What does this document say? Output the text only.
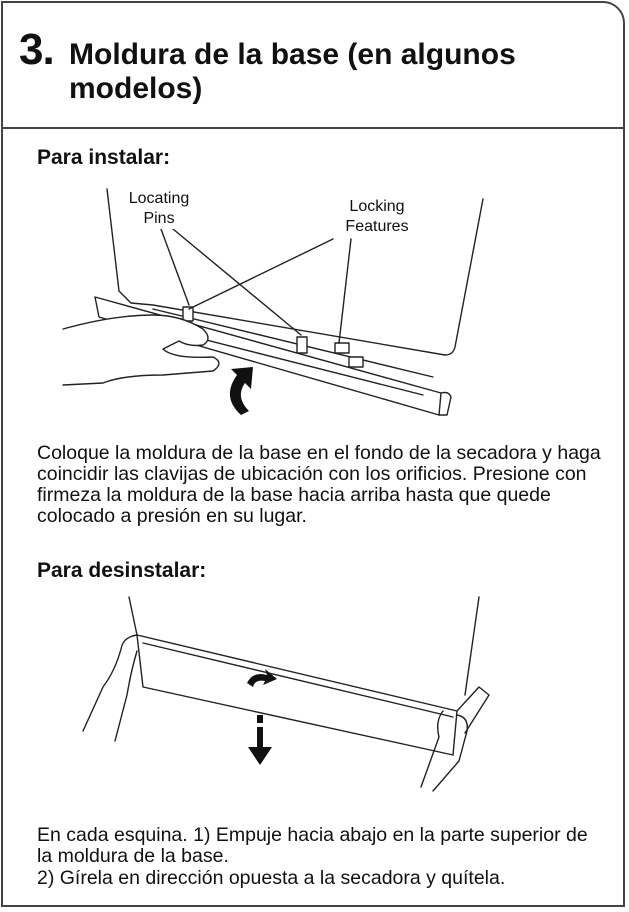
3. Moldura de la base (en algunos modelos)
Para instalar:
Locating
Pins
Locking
Features
Coloque la moldura de la base en el fondo de la secadora y haga coincidir las clavijas de ubicación con los orificios. Presione con firmeza la moldura de la base hacia arriba hasta que quede colocado a presión en su lugar.
Para desinstalar:
En cada esquina. 1) Empuje hacia abajo en la parte superior de la moldura de la base.
2) Gírela en dirección opuesta a la secadora y quítela.
